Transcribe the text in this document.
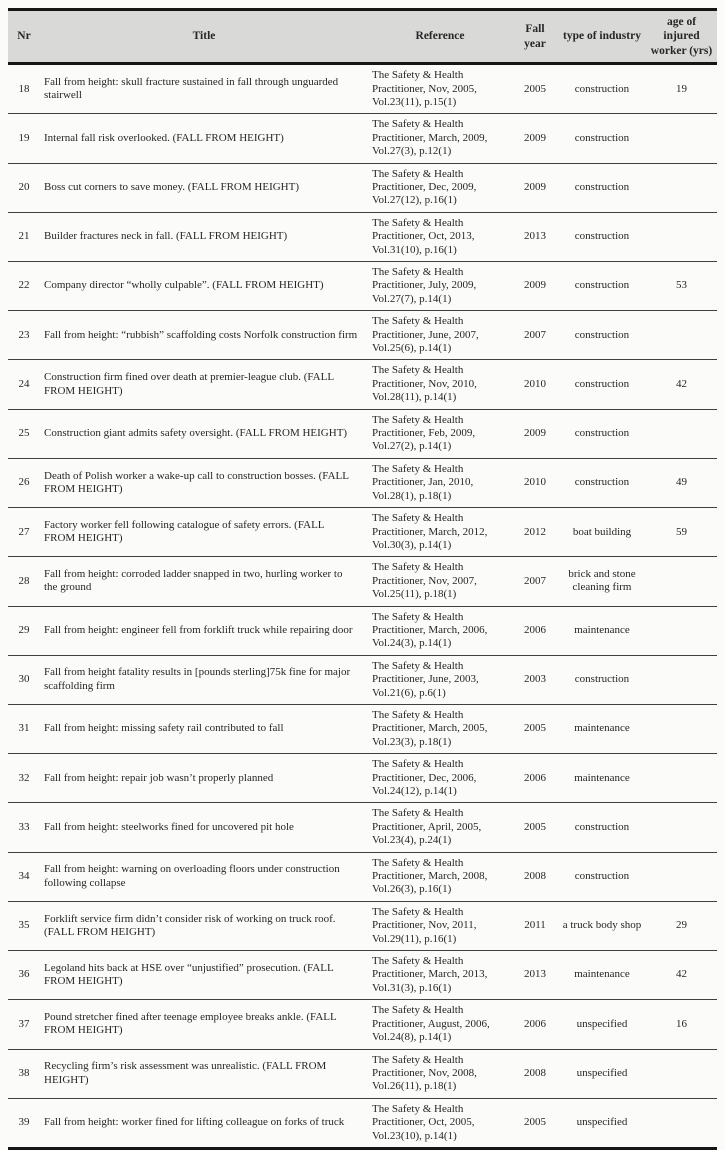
Nr	Title	Reference	Fall year	type of industry	age of injured worker (yrs)
18	Fall from height: skull fracture sustained in fall through unguarded stairwell	The Safety & Health Practitioner, Nov, 2005, Vol.23(11), p.15(1)	2005	construction	19
19	Internal fall risk overlooked. (FALL FROM HEIGHT)	The Safety & Health Practitioner, March, 2009, Vol.27(3), p.12(1)	2009	construction	
20	Boss cut corners to save money. (FALL FROM HEIGHT)	The Safety & Health Practitioner, Dec, 2009, Vol.27(12), p.16(1)	2009	construction	
21	Builder fractures neck in fall. (FALL FROM HEIGHT)	The Safety & Health Practitioner, Oct, 2013, Vol.31(10), p.16(1)	2013	construction	
22	Company director “wholly culpable”. (FALL FROM HEIGHT)	The Safety & Health Practitioner, July, 2009, Vol.27(7), p.14(1)	2009	construction	53
23	Fall from height: “rubbish” scaffolding costs Norfolk construction firm	The Safety & Health Practitioner, June, 2007, Vol.25(6), p.14(1)	2007	construction	
24	Construction firm fined over death at premier-league club. (FALL FROM HEIGHT)	The Safety & Health Practitioner, Nov, 2010, Vol.28(11), p.14(1)	2010	construction	42
25	Construction giant admits safety oversight. (FALL FROM HEIGHT)	The Safety & Health Practitioner, Feb, 2009, Vol.27(2), p.14(1)	2009	construction	
26	Death of Polish worker a wake-up call to construction bosses. (FALL FROM HEIGHT)	The Safety & Health Practitioner, Jan, 2010, Vol.28(1), p.18(1)	2010	construction	49
27	Factory worker fell following catalogue of safety errors. (FALL FROM HEIGHT)	The Safety & Health Practitioner, March, 2012, Vol.30(3), p.14(1)	2012	boat building	59
28	Fall from height: corroded ladder snapped in two, hurling worker to the ground	The Safety & Health Practitioner, Nov, 2007, Vol.25(11), p.18(1)	2007	brick and stone cleaning firm	
29	Fall from height: engineer fell from forklift truck while repairing door	The Safety & Health Practitioner, March, 2006, Vol.24(3), p.14(1)	2006	maintenance	
30	Fall from height fatality results in [pounds sterling]75k fine for major scaffolding firm	The Safety & Health Practitioner, June, 2003, Vol.21(6), p.6(1)	2003	construction	
31	Fall from height: missing safety rail contributed to fall	The Safety & Health Practitioner, March, 2005, Vol.23(3), p.18(1)	2005	maintenance	
32	Fall from height: repair job wasn’t properly planned	The Safety & Health Practitioner, Dec, 2006, Vol.24(12), p.14(1)	2006	maintenance	
33	Fall from height: steelworks fined for uncovered pit hole	The Safety & Health Practitioner, April, 2005, Vol.23(4), p.24(1)	2005	construction	
34	Fall from height: warning on overloading floors under construction following collapse	The Safety & Health Practitioner, March, 2008, Vol.26(3), p.16(1)	2008	construction	
35	Forklift service firm didn’t consider risk of working on truck roof. (FALL FROM HEIGHT)	The Safety & Health Practitioner, Nov, 2011, Vol.29(11), p.16(1)	2011	a truck body shop	29
36	Legoland hits back at HSE over “unjustified” prosecution. (FALL FROM HEIGHT)	The Safety & Health Practitioner, March, 2013, Vol.31(3), p.16(1)	2013	maintenance	42
37	Pound stretcher fined after teenage employee breaks ankle. (FALL FROM HEIGHT)	The Safety & Health Practitioner, August, 2006, Vol.24(8), p.14(1)	2006	unspecified	16
38	Recycling firm’s risk assessment was unrealistic. (FALL FROM HEIGHT)	The Safety & Health Practitioner, Nov, 2008, Vol.26(11), p.18(1)	2008	unspecified	
39	Fall from height: worker fined for lifting colleague on forks of truck	The Safety & Health Practitioner, Oct, 2005, Vol.23(10), p.14(1)	2005	unspecified	
